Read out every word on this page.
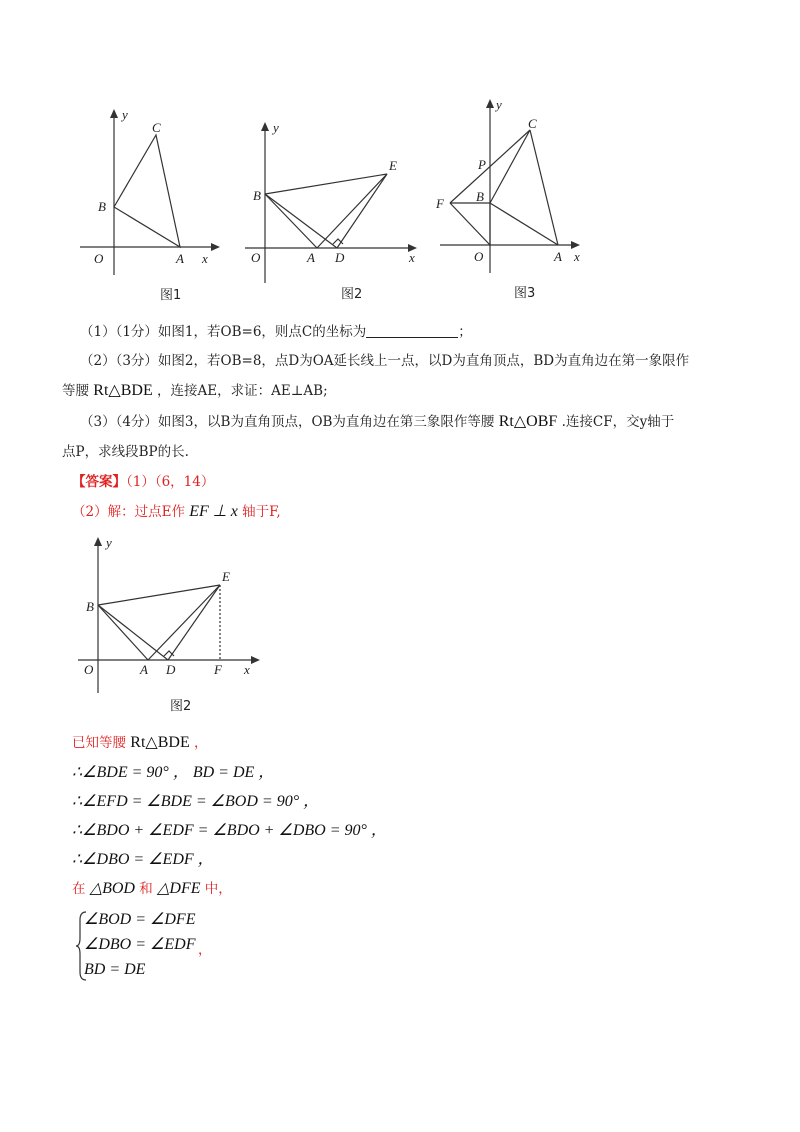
y
x
O	A
B
C
图1
y
x
O	A D
B
E
图2
y
x
O	A
B
C
P
F
图3
（1）（1分）如图1，若OB=6，则点C的坐标为	；
（2）（3分）如图2，若OB=8，点D为OA延长线上一点，以D为直角顶点，BD为直角边在第一象限作
等腰 Rt△BDE ，连接AE，求证：AE⊥AB;
（3）（4分）如图3，以B为直角顶点，OB为直角边在第三象限作等腰 Rt△OBF .连接CF，交y轴于
点P，求线段BP的长.
【答案】（1）（6，14）
（2）解：过点E作 EF ⊥ x 轴于F,
y
x
O	A D	F
B
E
图2
已知等腰 Rt△BDE ，
∴∠BDE = 90° ， BD = DE ，
∴∠EFD = ∠BDE = ∠BOD = 90° ，
∴∠BDO + ∠EDF = ∠BDO + ∠DBO = 90° ，
∴∠DBO = ∠EDF ，
在 △BOD 和 △DFE 中，
∠BOD = ∠DFE
∠DBO = ∠EDF
BD = DE
，
